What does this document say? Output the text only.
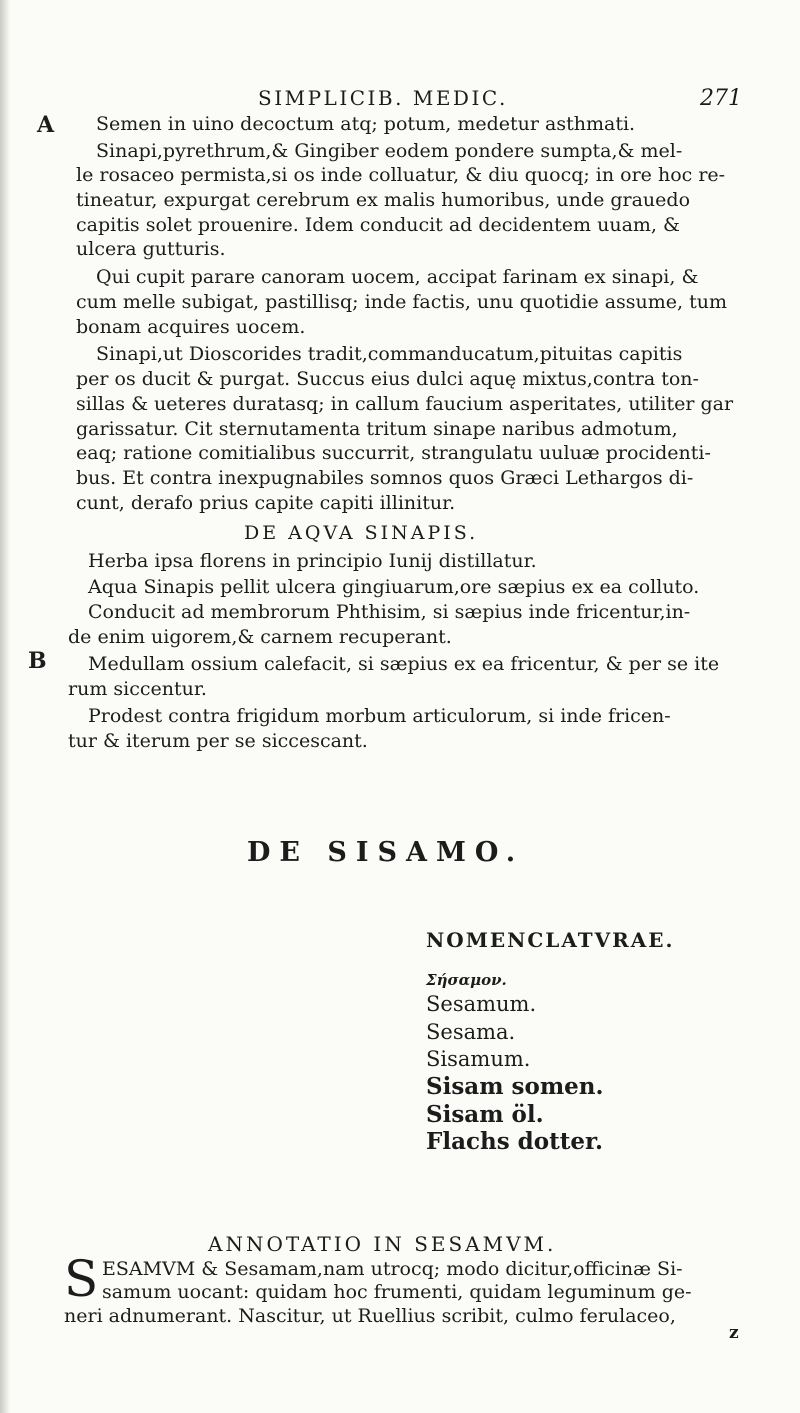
SIMPLICIB. MEDIC.	271
A
B
Semen in uino decoctum atq; potum, medetur asthmati.
Sinapi,pyrethrum,& Gingiber eodem pondere sumpta,& mel-
le rosaceo permista,si os inde colluatur, & diu quocq; in ore hoc re-
tineatur, expurgat cerebrum ex malis humoribus, unde grauedo
capitis solet prouenire. Idem conducit ad decidentem uuam, &
ulcera gutturis.
Qui cupit parare canoram uocem, accipat farinam ex sinapi, &
cum melle subigat, pastillisq; inde factis, unu quotidie assume, tum
bonam acquires uocem.
Sinapi,ut Dioscorides tradit,commanducatum,pituitas capitis
per os ducit & purgat. Succus eius dulci aquę mixtus,contra ton-
sillas & ueteres duratasq; in callum faucium asperitates, utiliter gar
garissatur. Cit sternutamenta tritum sinape naribus admotum,
eaq; ratione comitialibus succurrit, strangulatu uuluæ procidenti-
bus. Et contra inexpugnabiles somnos quos Græci Lethargos di-
cunt, derafo prius capite capiti illinitur.
DE AQVA SINAPIS.
Herba ipsa florens in principio Iunij distillatur.
Aqua Sinapis pellit ulcera gingiuarum,ore sæpius ex ea colluto.
Conducit ad membrorum Phthisim, si sæpius inde fricentur,in-
de enim uigorem,& carnem recuperant.
Medullam ossium calefacit, si sæpius ex ea fricentur, & per se ite
rum siccentur.
Prodest contra frigidum morbum articulorum, si inde fricen-
tur & iterum per se siccescant.
DE SISAMO.
NOMENCLATVRAE.
Σήσαμον.
Sesamum.
Sesama.
Sisamum.
Sisam somen.
Sisam öl.
Flachs dotter.
ANNOTATIO IN SESAMVM.
S ESAMVM & Sesamam,nam utrocq; modo dicitur,officinæ Si-
samum uocant: quidam hoc frumenti, quidam leguminum ge-
neri adnumerant. Nascitur, ut Ruellius scribit, culmo ferulaceo,
z
